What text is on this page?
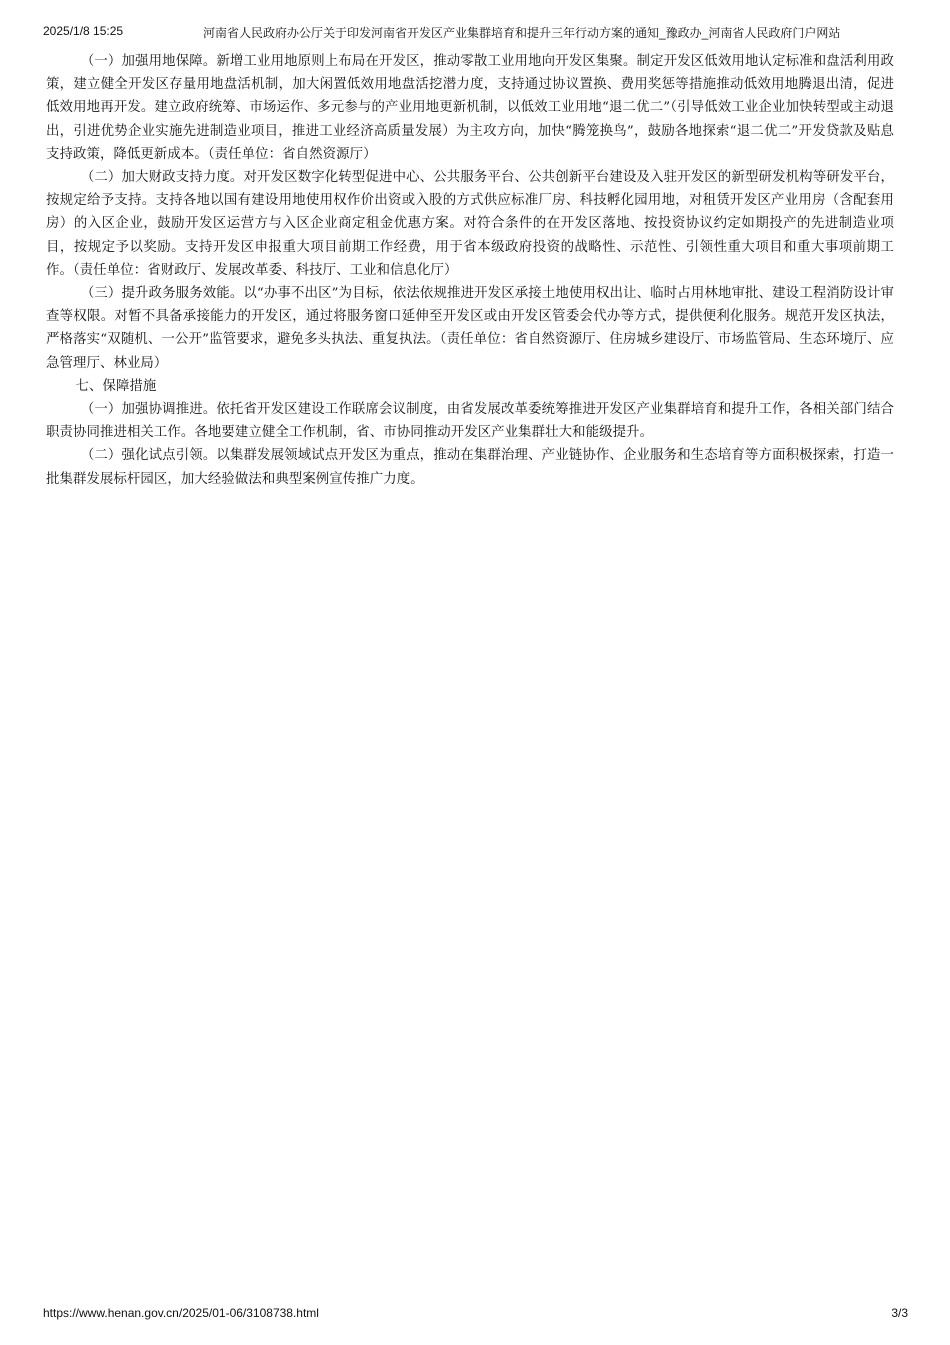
2025/1/8 15:25	河南省人民政府办公厅关于印发河南省开发区产业集群培育和提升三年行动方案的通知_豫政办_河南省人民政府门户网站

（一）加强用地保障。新增工业用地原则上布局在开发区，推动零散工业用地向开发区集聚。制定开发区低效用地认定标准和盘活利用政策，建立健全开发区存量用地盘活机制，加大闲置低效用地盘活挖潜力度，支持通过协议置换、费用奖惩等措施推动低效用地腾退出清，促进低效用地再开发。建立政府统筹、市场运作、多元参与的产业用地更新机制，以低效工业用地“退二优二”（引导低效工业企业加快转型或主动退出，引进优势企业实施先进制造业项目，推进工业经济高质量发展）为主攻方向，加快“腾笼换鸟”，鼓励各地探索“退二优二”开发贷款及贴息支持政策，降低更新成本。（责任单位：省自然资源厅）

（二）加大财政支持力度。对开发区数字化转型促进中心、公共服务平台、公共创新平台建设及入驻开发区的新型研发机构等研发平台，按规定给予支持。支持各地以国有建设用地使用权作价出资或入股的方式供应标准厂房、科技孵化园用地，对租赁开发区产业用房（含配套用房）的入区企业，鼓励开发区运营方与入区企业商定租金优惠方案。对符合条件的在开发区落地、按投资协议约定如期投产的先进制造业项目，按规定予以奖励。支持开发区申报重大项目前期工作经费，用于省本级政府投资的战略性、示范性、引领性重大项目和重大事项前期工作。（责任单位：省财政厅、发展改革委、科技厅、工业和信息化厅）

（三）提升政务服务效能。以“办事不出区”为目标，依法依规推进开发区承接土地使用权出让、临时占用林地审批、建设工程消防设计审查等权限。对暂不具备承接能力的开发区，通过将服务窗口延伸至开发区或由开发区管委会代办等方式，提供便利化服务。规范开发区执法，严格落实“双随机、一公开”监管要求，避免多头执法、重复执法。（责任单位：省自然资源厅、住房城乡建设厅、市场监管局、生态环境厅、应急管理厅、林业局）

七、保障措施

（一）加强协调推进。依托省开发区建设工作联席会议制度，由省发展改革委统筹推进开发区产业集群培育和提升工作，各相关部门结合职责协同推进相关工作。各地要建立健全工作机制，省、市协同推动开发区产业集群壮大和能级提升。

（二）强化试点引领。以集群发展领域试点开发区为重点，推动在集群治理、产业链协作、企业服务和生态培育等方面积极探索，打造一批集群发展标杆园区，加大经验做法和典型案例宣传推广力度。

https://www.henan.gov.cn/2025/01-06/3108738.html	3/3
